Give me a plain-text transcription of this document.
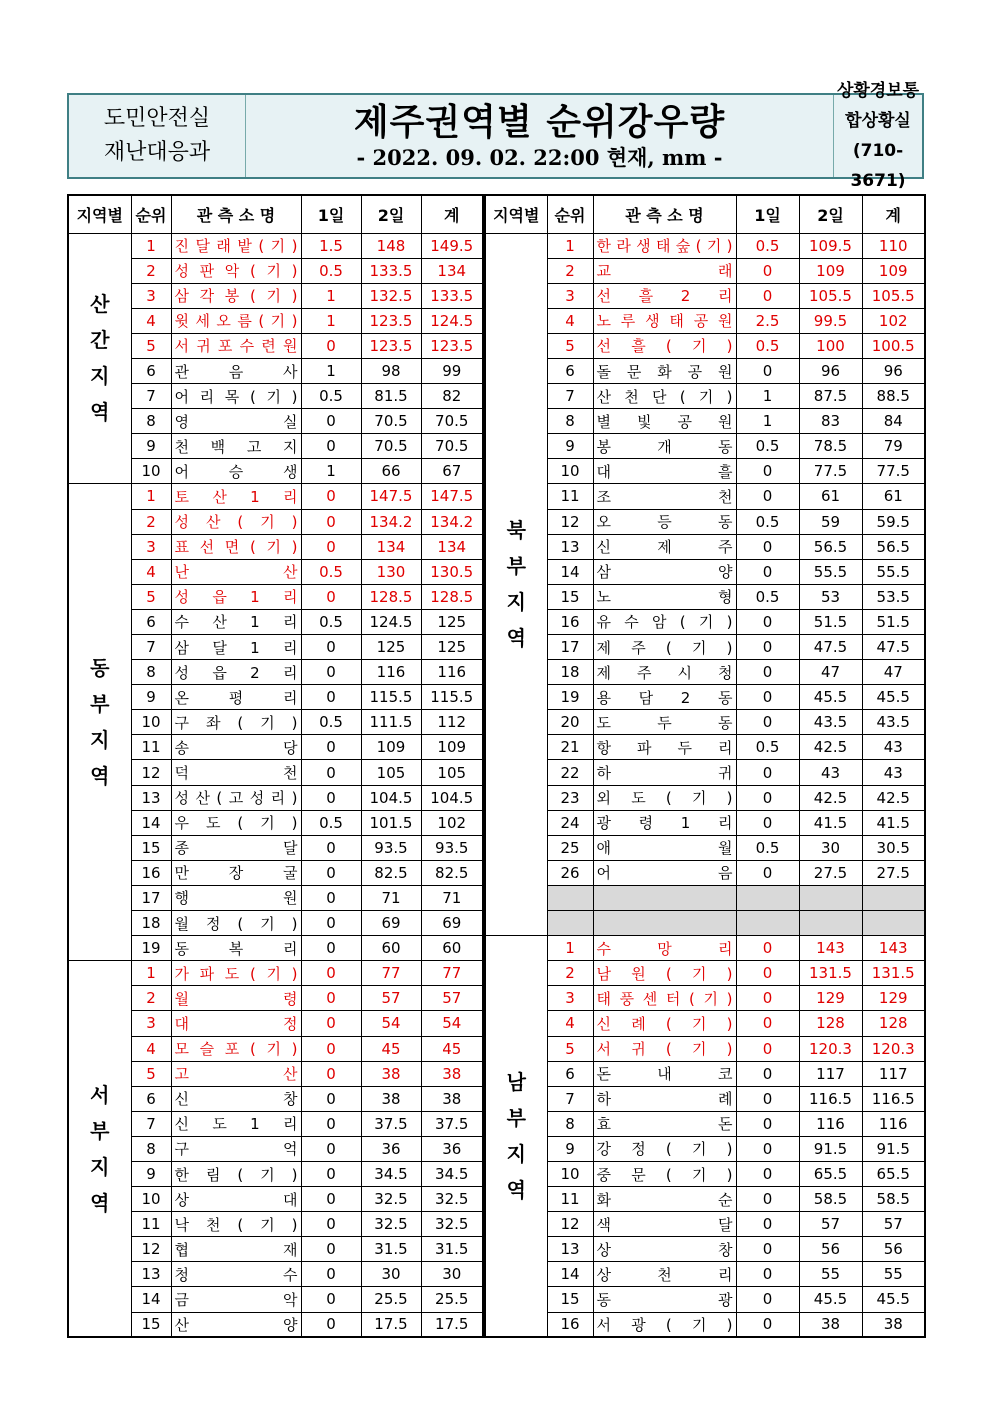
도민안전실
재난대응과
제주권역별 순위강우량
- 2022. 09. 02. 22:00 현재, mm -
상황경보통합상황실
(710-3671)
지역별	순위	관 측 소 명	1일	2일	계

산
간
지
역	1	진 달 래 밭 ( 기 )	1.5	148	149.5
	2	성 판 악 ( 기 )	0.5	133.5	134
	3	삼 각 봉 ( 기 )	1	132.5	133.5
	4	윗 세 오 름 ( 기 )	1	123.5	124.5
	5	서 귀 포 수 련 원	0	123.5	123.5
	6	관 음 사	1	98	99
	7	어 리 목 ( 기 )	0.5	81.5	82
	8	영 실	0	70.5	70.5
	9	천 백 고 지	0	70.5	70.5
	10	어 승 생	1	66	67

동
부
지
역	1	토 산 1 리	0	147.5	147.5
	2	성 산 ( 기 )	0	134.2	134.2
	3	표 선 면 ( 기 )	0	134	134
	4	난 산	0.5	130	130.5
	5	성 읍 1 리	0	128.5	128.5
	6	수 산 1 리	0.5	124.5	125
	7	삼 달 1 리	0	125	125
	8	성 읍 2 리	0	116	116
	9	온 평 리	0	115.5	115.5
	10	구 좌 ( 기 )	0.5	111.5	112
	11	송 당	0	109	109
	12	덕 천	0	105	105
	13	성 산 ( 고 성 리 )	0	104.5	104.5
	14	우 도 ( 기 )	0.5	101.5	102
	15	종 달	0	93.5	93.5
	16	만 장 굴	0	82.5	82.5
	17	행 원	0	71	71
	18	월 정 ( 기 )	0	69	69
	19	동 복 리	0	60	60

서
부
지
역	1	가 파 도 ( 기 )	0	77	77
	2	월 령	0	57	57
	3	대 정	0	54	54
	4	모 슬 포 ( 기 )	0	45	45
	5	고 산	0	38	38
	6	신 창	0	38	38
	7	신 도 1 리	0	37.5	37.5
	8	구 억	0	36	36
	9	한 림 ( 기 )	0	34.5	34.5
	10	상 대	0	32.5	32.5
	11	낙 천 ( 기 )	0	32.5	32.5
	12	협 재	0	31.5	31.5
	13	청 수	0	30	30
	14	금 악	0	25.5	25.5
	15	산 양	0	17.5	17.5
지역별	순위	관 측 소 명	1일	2일	계

북
부
지
역	1	한 라 생 태 숲 ( 기 )	0.5	109.5	110
	2	교 래	0	109	109
	3	선 흘 2 리	0	105.5	105.5
	4	노 루 생 태 공 원	2.5	99.5	102
	5	선 흘 ( 기 )	0.5	100	100.5
	6	돌 문 화 공 원	0	96	96
	7	산 천 단 ( 기 )	1	87.5	88.5
	8	별 빛 공 원	1	83	84
	9	봉 개 동	0.5	78.5	79
	10	대 흘	0	77.5	77.5
	11	조 천	0	61	61
	12	오 등 동	0.5	59	59.5
	13	신 제 주	0	56.5	56.5
	14	삼 양	0	55.5	55.5
	15	노 형	0.5	53	53.5
	16	유 수 암 ( 기 )	0	51.5	51.5
	17	제 주 ( 기 )	0	47.5	47.5
	18	제 주 시 청	0	47	47
	19	용 담 2 동	0	45.5	45.5
	20	도 두 동	0	43.5	43.5
	21	항 파 두 리	0.5	42.5	43
	22	하 귀	0	43	43
	23	외 도 ( 기 )	0	42.5	42.5
	24	광 령 1 리	0	41.5	41.5
	25	애 월	0.5	30	30.5
	26	어 음	0	27.5	27.5

남
부
지
역	1	수 망 리	0	143	143
	2	남 원 ( 기 )	0	131.5	131.5
	3	태 풍 센 터 ( 기 )	0	129	129
	4	신 례 ( 기 )	0	128	128
	5	서 귀 ( 기 )	0	120.3	120.3
	6	돈 내 코	0	117	117
	7	하 례	0	116.5	116.5
	8	효 돈	0	116	116
	9	강 정 ( 기 )	0	91.5	91.5
	10	중 문 ( 기 )	0	65.5	65.5
	11	화 순	0	58.5	58.5
	12	색 달	0	57	57
	13	상 창	0	56	56
	14	상 천 리	0	55	55
	15	동 광	0	45.5	45.5
	16	서 광 ( 기 )	0	38	38
